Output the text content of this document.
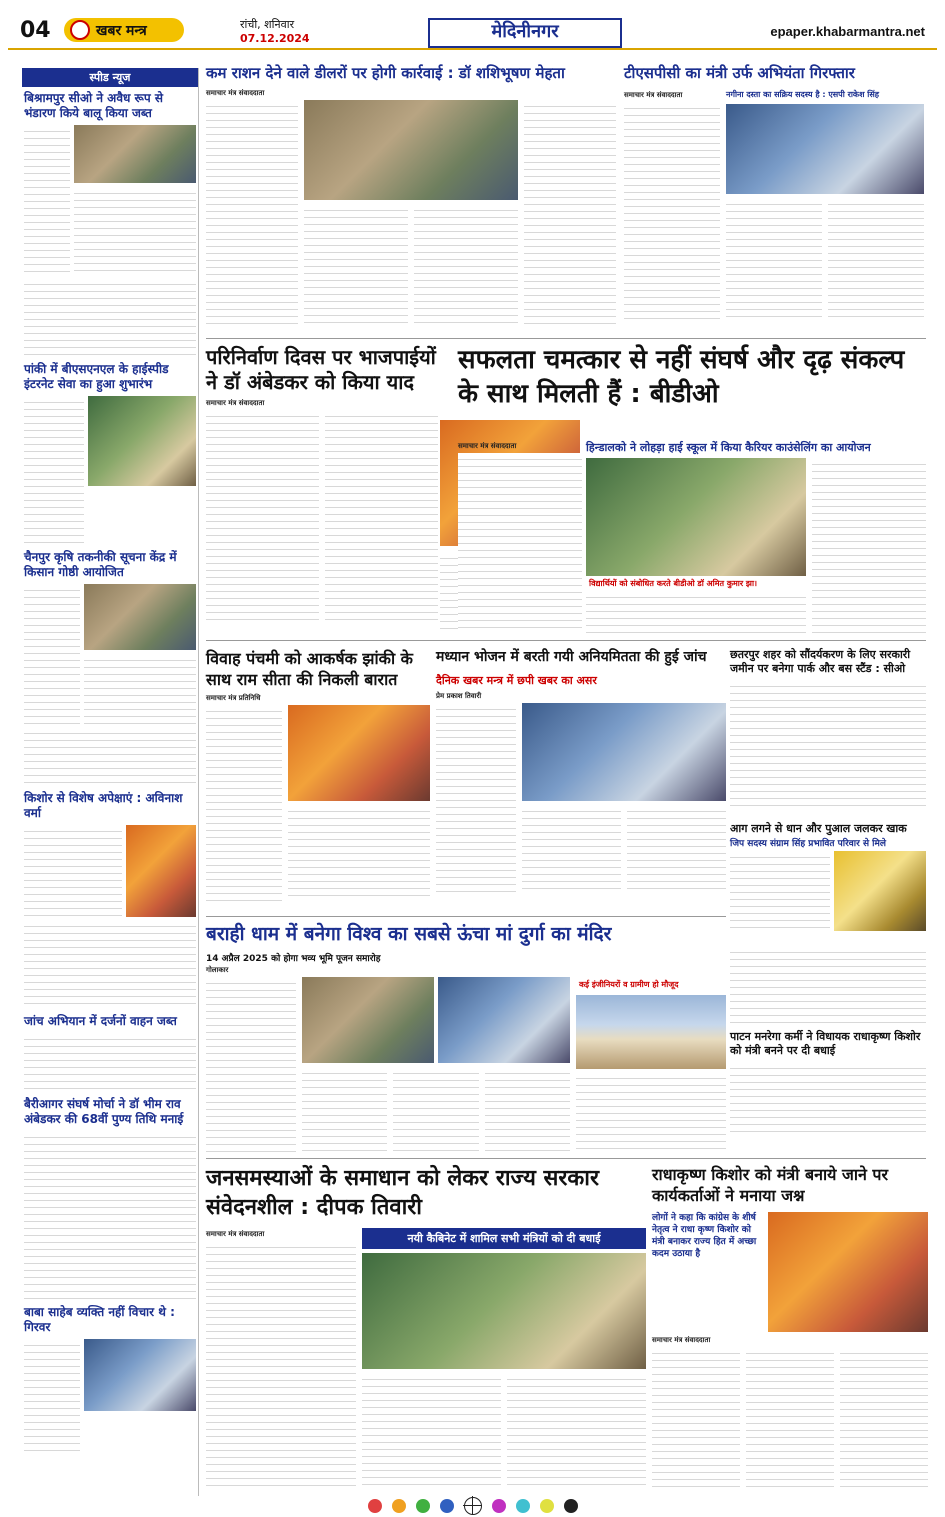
04	खबर मन्त्र	रांची, शनिवार
07.12.2024	मेदिनीनगर	epaper.khabarmantra.net
स्पीड न्यूज
बिश्रामपुर सीओ ने अवैध रूप से भंडारण किये बालू किया जब्त
पांकी में बीएसएनएल के हाईस्पीड इंटरनेट सेवा का हुआ शुभारंभ
चैनपुर कृषि तकनीकी सूचना केंद्र में किसान गोष्ठी आयोजित
किशोर से विशेष अपेक्षाएं : अविनाश वर्मा
जांच अभियान में दर्जनों वाहन जब्त
बैरीआगर संघर्ष मोर्चा ने डॉ भीम राव अंबेडकर की 68वीं पुण्य तिथि मनाई
बाबा साहेब व्यक्ति नहीं विचार थे : गिरवर
कम राशन देने वाले डीलरों पर होगी कार्रवाई : डॉ शशिभूषण मेहता
समाचार मंत्र संवाददाता
टीएसपीसी का मंत्री उर्फ अभियंता गिरफ्तार
समाचार मंत्र संवाददाता	नगीना दस्ता का सक्रिय सदस्य है : एसपी राकेश सिंह
परिनिर्वाण दिवस पर भाजपाईयों ने डॉ अंबेडकर को किया याद
समाचार मंत्र संवाददाता
सफलता चमत्कार से नहीं संघर्ष और दृढ़ संकल्प के साथ मिलती हैं : बीडीओ
हिन्डालको ने लोहड़ा हाई स्कूल में किया कैरियर काउंसेलिंग का आयोजन
विद्यार्थियों को संबोधित करते बीडीओ डॉ अमित कुमार झा।
समाचार मंत्र संवाददाता
विवाह पंचमी को आकर्षक झांकी के साथ राम सीता की निकली बारात
समाचार मंत्र प्रतिनिधि
मध्यान भोजन में बरती गयी अनियमितता की हुई जांच
दैनिक खबर मन्त्र में छपी खबर का असर
प्रेम प्रकाश तिवारी
छतरपुर शहर को सौंदर्यकरण के लिए सरकारी जमीन पर बनेगा पार्क और बस स्टैंड : सीओ
आग लगने से धान और पुआल जलकर खाक
जिप सदस्य संग्राम सिंह प्रभावित परिवार से मिले
पाटन मनरेगा कर्मी ने विधायक राधाकृष्ण किशोर को मंत्री बनने पर दी बधाई
बराही धाम में बनेगा विश्व का सबसे ऊंचा मां दुर्गा का मंदिर
14 अप्रैल 2025 को होगा भव्य भूमि पूजन समारोह
गोलाकार
कई इंजीनियरों व ग्रामीण हो मौजूद
जनसमस्याओं के समाधान को लेकर राज्य सरकार संवेदनशील : दीपक तिवारी
समाचार मंत्र संवाददाता	नयी कैबिनेट में शामिल सभी मंत्रियों को दी बधाई
राधाकृष्ण किशोर को मंत्री बनाये जाने पर कार्यकर्ताओं ने मनाया जश्न
लोगों ने कहा कि कांग्रेस के शीर्ष नेतृत्व ने राधा कृष्ण किशोर को मंत्री बनाकर राज्य हित में अच्छा कदम उठाया है
समाचार मंत्र संवाददाता
